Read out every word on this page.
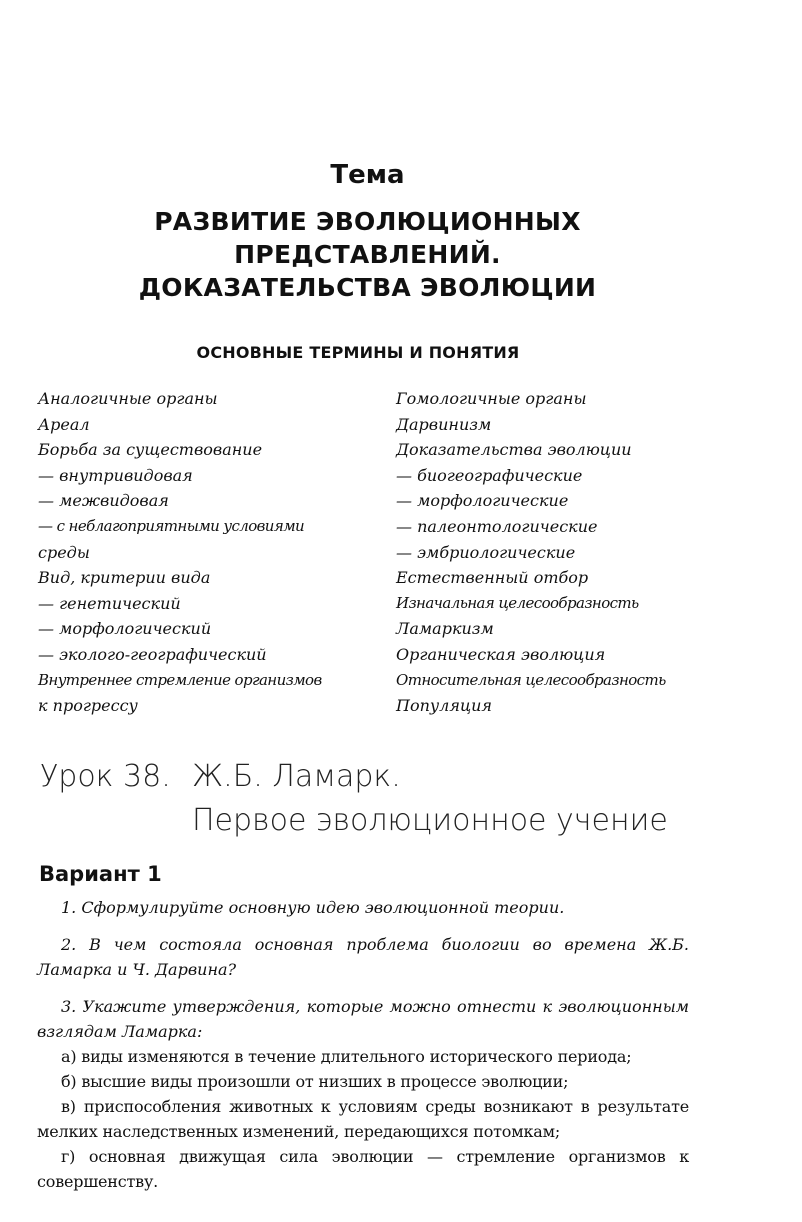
Тема
РАЗВИТИЕ ЭВОЛЮЦИОННЫХ
ПРЕДСТАВЛЕНИЙ.
ДОКАЗАТЕЛЬСТВА ЭВОЛЮЦИИ
ОСНОВНЫЕ ТЕРМИНЫ И ПОНЯТИЯ
Аналогичные органы
Ареал
Борьба за существование
— внутривидовая
— межвидовая
— с неблагоприятными условиями
среды
Вид, критерии вида
— генетический
— морфологический
— эколого-географический
Внутреннее стремление организмов
к прогрессу
Гомологичные органы
Дарвинизм
Доказательства эволюции
— биогеографические
— морфологические
— палеонтологические
— эмбриологические
Естественный отбор
Изначальная целесообразность
Ламаркизм
Органическая эволюция
Относительная целесообразность
Популяция
Урок 38. Ж.Б. Ламарк.
Первое эволюционное учение
Вариант 1

1. Сформулируйте основную идею эволюционной теории.

2. В чем состояла основная проблема биологии во времена Ж.Б. Ламарка и Ч. Дарвина?

3. Укажите утверждения, которые можно отнести к эволюционным взглядам Ламарка:

а) виды изменяются в течение длительного исторического периода;

б) высшие виды произошли от низших в процессе эволюции;

в) приспособления животных к условиям среды возникают в результате мелких наследственных изменений, передающихся потомкам;

г) основная движущая сила эволюции — стремление организмов к совершенству.
